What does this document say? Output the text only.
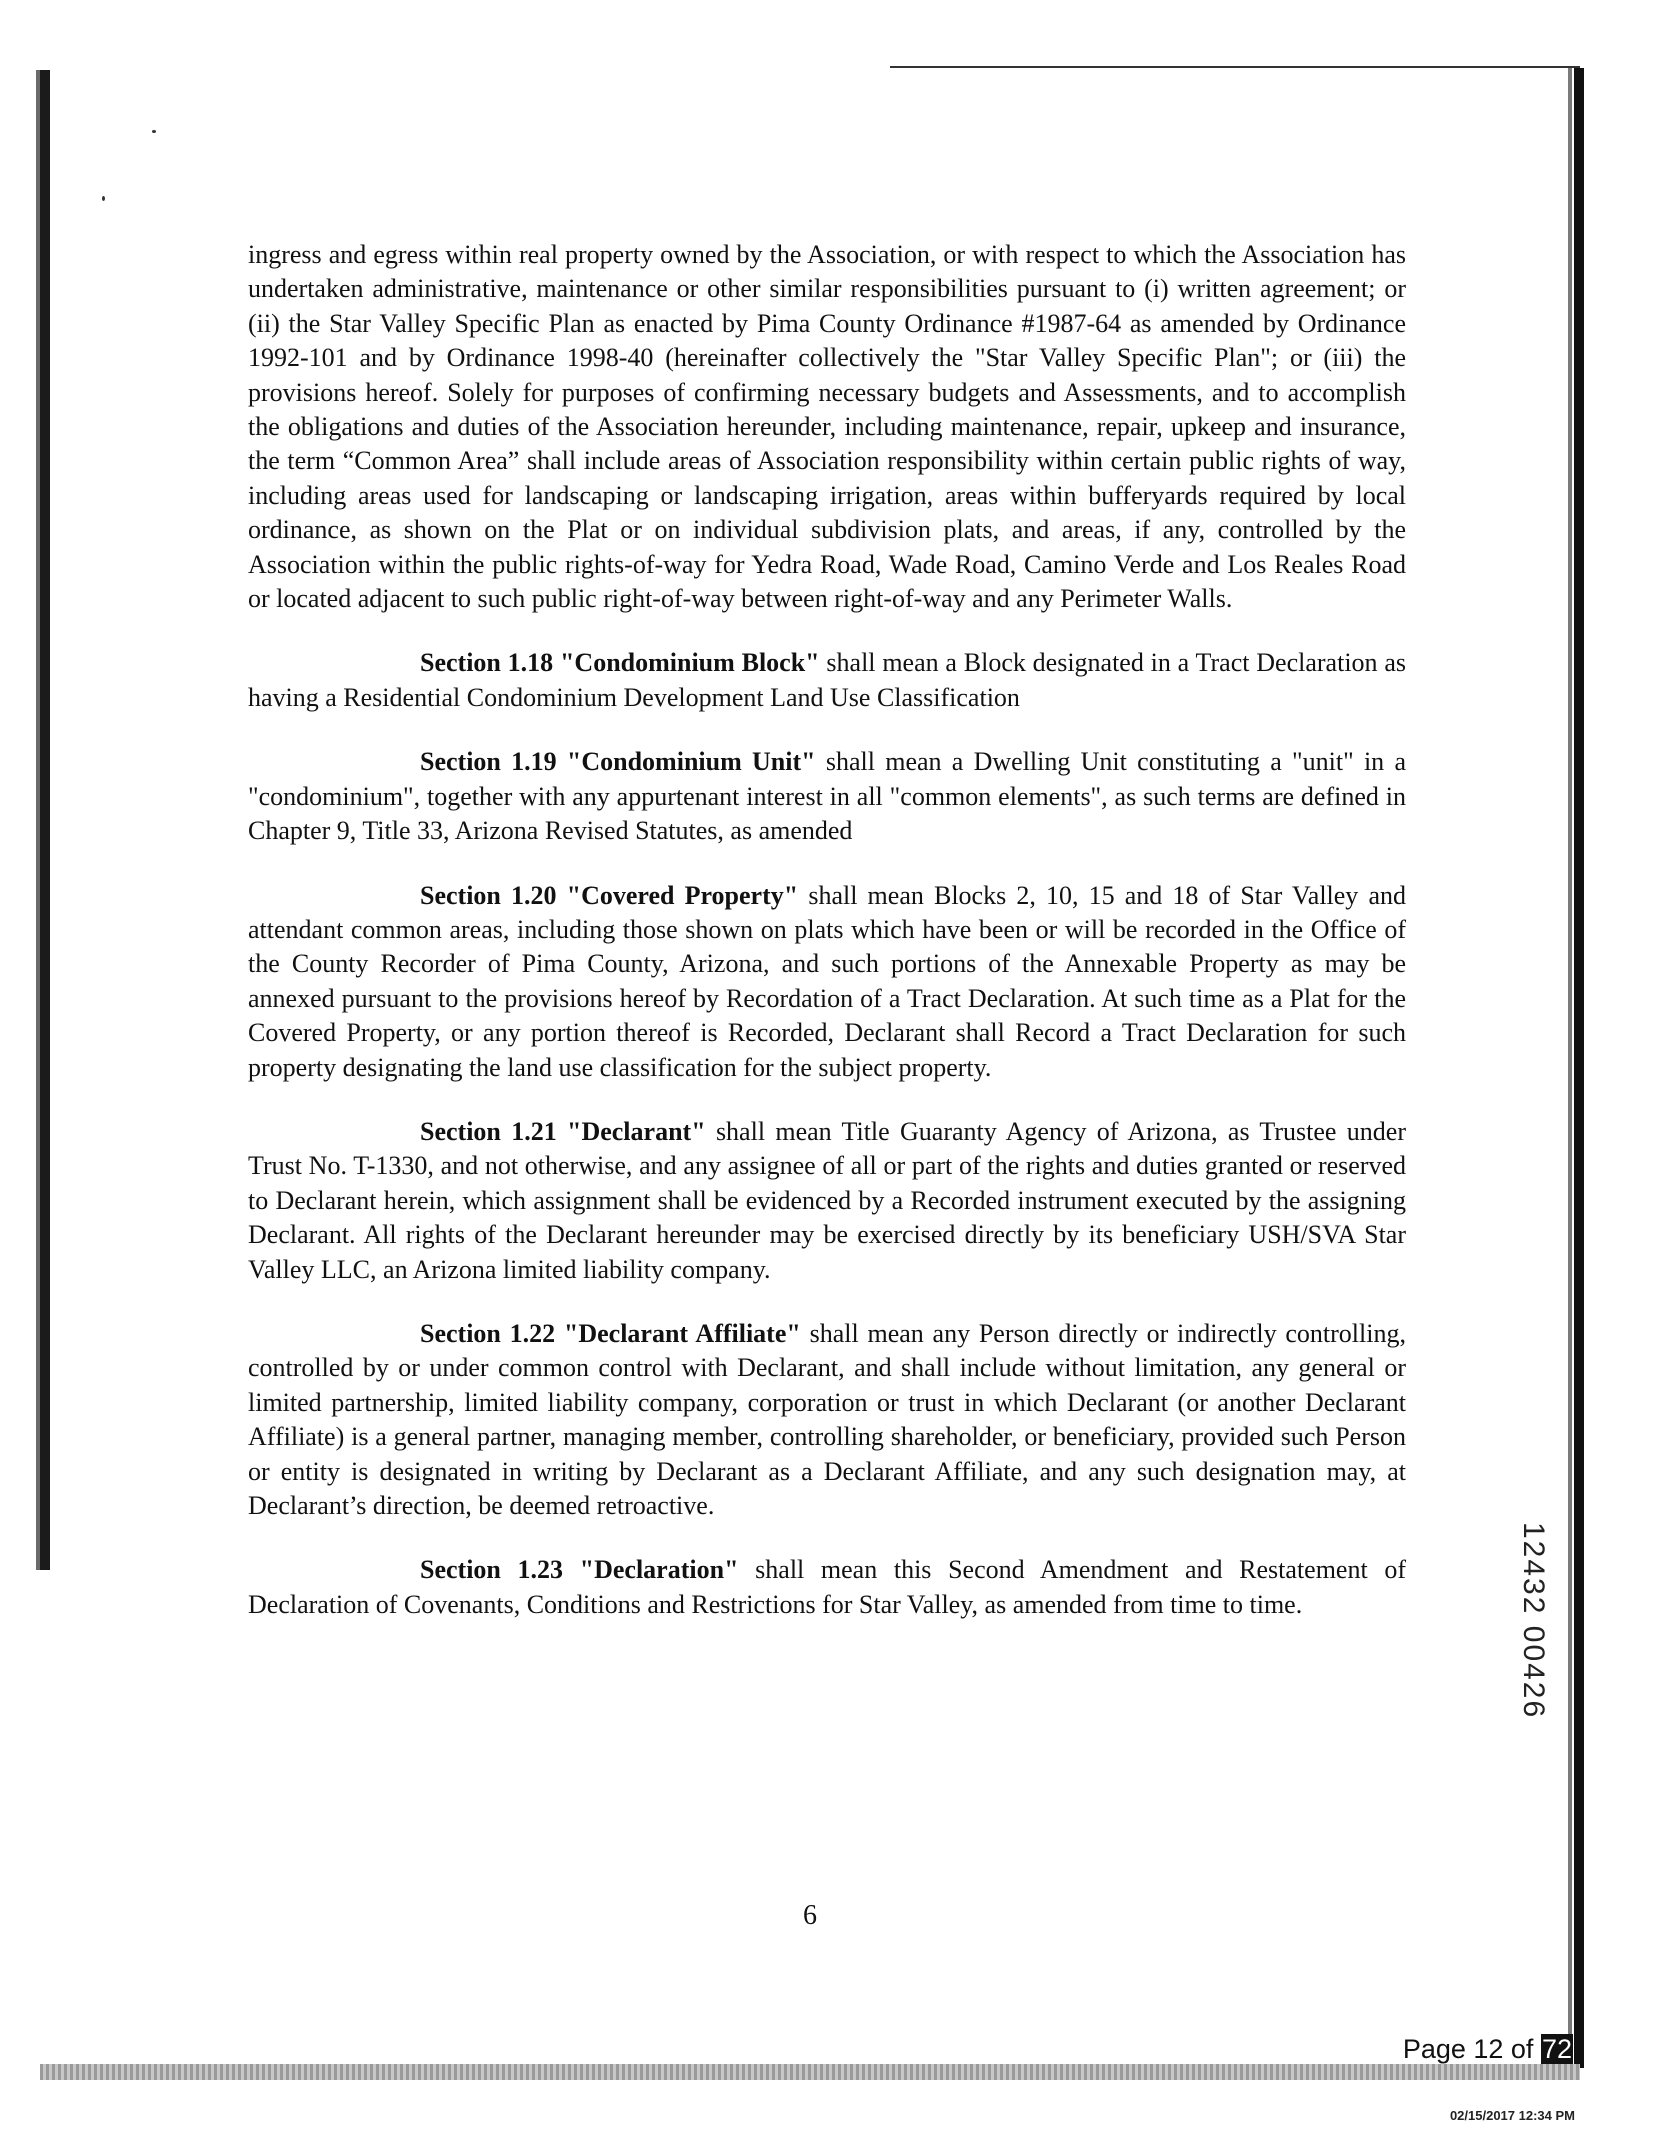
ingress and egress within real property owned by the Association, or with respect to which the Association has undertaken administrative, maintenance or other similar responsibilities pursuant to (i) written agreement; or (ii) the Star Valley Specific Plan as enacted by Pima County Ordinance #1987-64 as amended by Ordinance 1992-101 and by Ordinance 1998-40 (hereinafter collectively the "Star Valley Specific Plan"; or (iii) the provisions hereof. Solely for purposes of confirming necessary budgets and Assessments, and to accomplish the obligations and duties of the Association hereunder, including maintenance, repair, upkeep and insurance, the term “Common Area” shall include areas of Association responsibility within certain public rights of way, including areas used for landscaping or landscaping irrigation, areas within bufferyards required by local ordinance, as shown on the Plat or on individual subdivision plats, and areas, if any, controlled by the Association within the public rights-of-way for Yedra Road, Wade Road, Camino Verde and Los Reales Road or located adjacent to such public right-of-way between right-of-way and any Perimeter Walls.

Section 1.18 "Condominium Block" shall mean a Block designated in a Tract Declaration as having a Residential Condominium Development Land Use Classification

Section 1.19 "Condominium Unit" shall mean a Dwelling Unit constituting a "unit" in a "condominium", together with any appurtenant interest in all "common elements", as such terms are defined in Chapter 9, Title 33, Arizona Revised Statutes, as amended

Section 1.20 "Covered Property" shall mean Blocks 2, 10, 15 and 18 of Star Valley and attendant common areas, including those shown on plats which have been or will be recorded in the Office of the County Recorder of Pima County, Arizona, and such portions of the Annexable Property as may be annexed pursuant to the provisions hereof by Recordation of a Tract Declaration. At such time as a Plat for the Covered Property, or any portion thereof is Recorded, Declarant shall Record a Tract Declaration for such property designating the land use classification for the subject property.

Section 1.21 "Declarant" shall mean Title Guaranty Agency of Arizona, as Trustee under Trust No. T-1330, and not otherwise, and any assignee of all or part of the rights and duties granted or reserved to Declarant herein, which assignment shall be evidenced by a Recorded instrument executed by the assigning Declarant. All rights of the Declarant hereunder may be exercised directly by its beneficiary USH/SVA Star Valley LLC, an Arizona limited liability company.

Section 1.22 "Declarant Affiliate" shall mean any Person directly or indirectly controlling, controlled by or under common control with Declarant, and shall include without limitation, any general or limited partnership, limited liability company, corporation or trust in which Declarant (or another Declarant Affiliate) is a general partner, managing member, controlling shareholder, or beneficiary, provided such Person or entity is designated in writing by Declarant as a Declarant Affiliate, and any such designation may, at Declarant’s direction, be deemed retroactive.

Section 1.23 "Declaration" shall mean this Second Amendment and Restatement of Declaration of Covenants, Conditions and Restrictions for Star Valley, as amended from time to time.

6
12432 00426
Page 12 of 72
02/15/2017 12:34 PM
